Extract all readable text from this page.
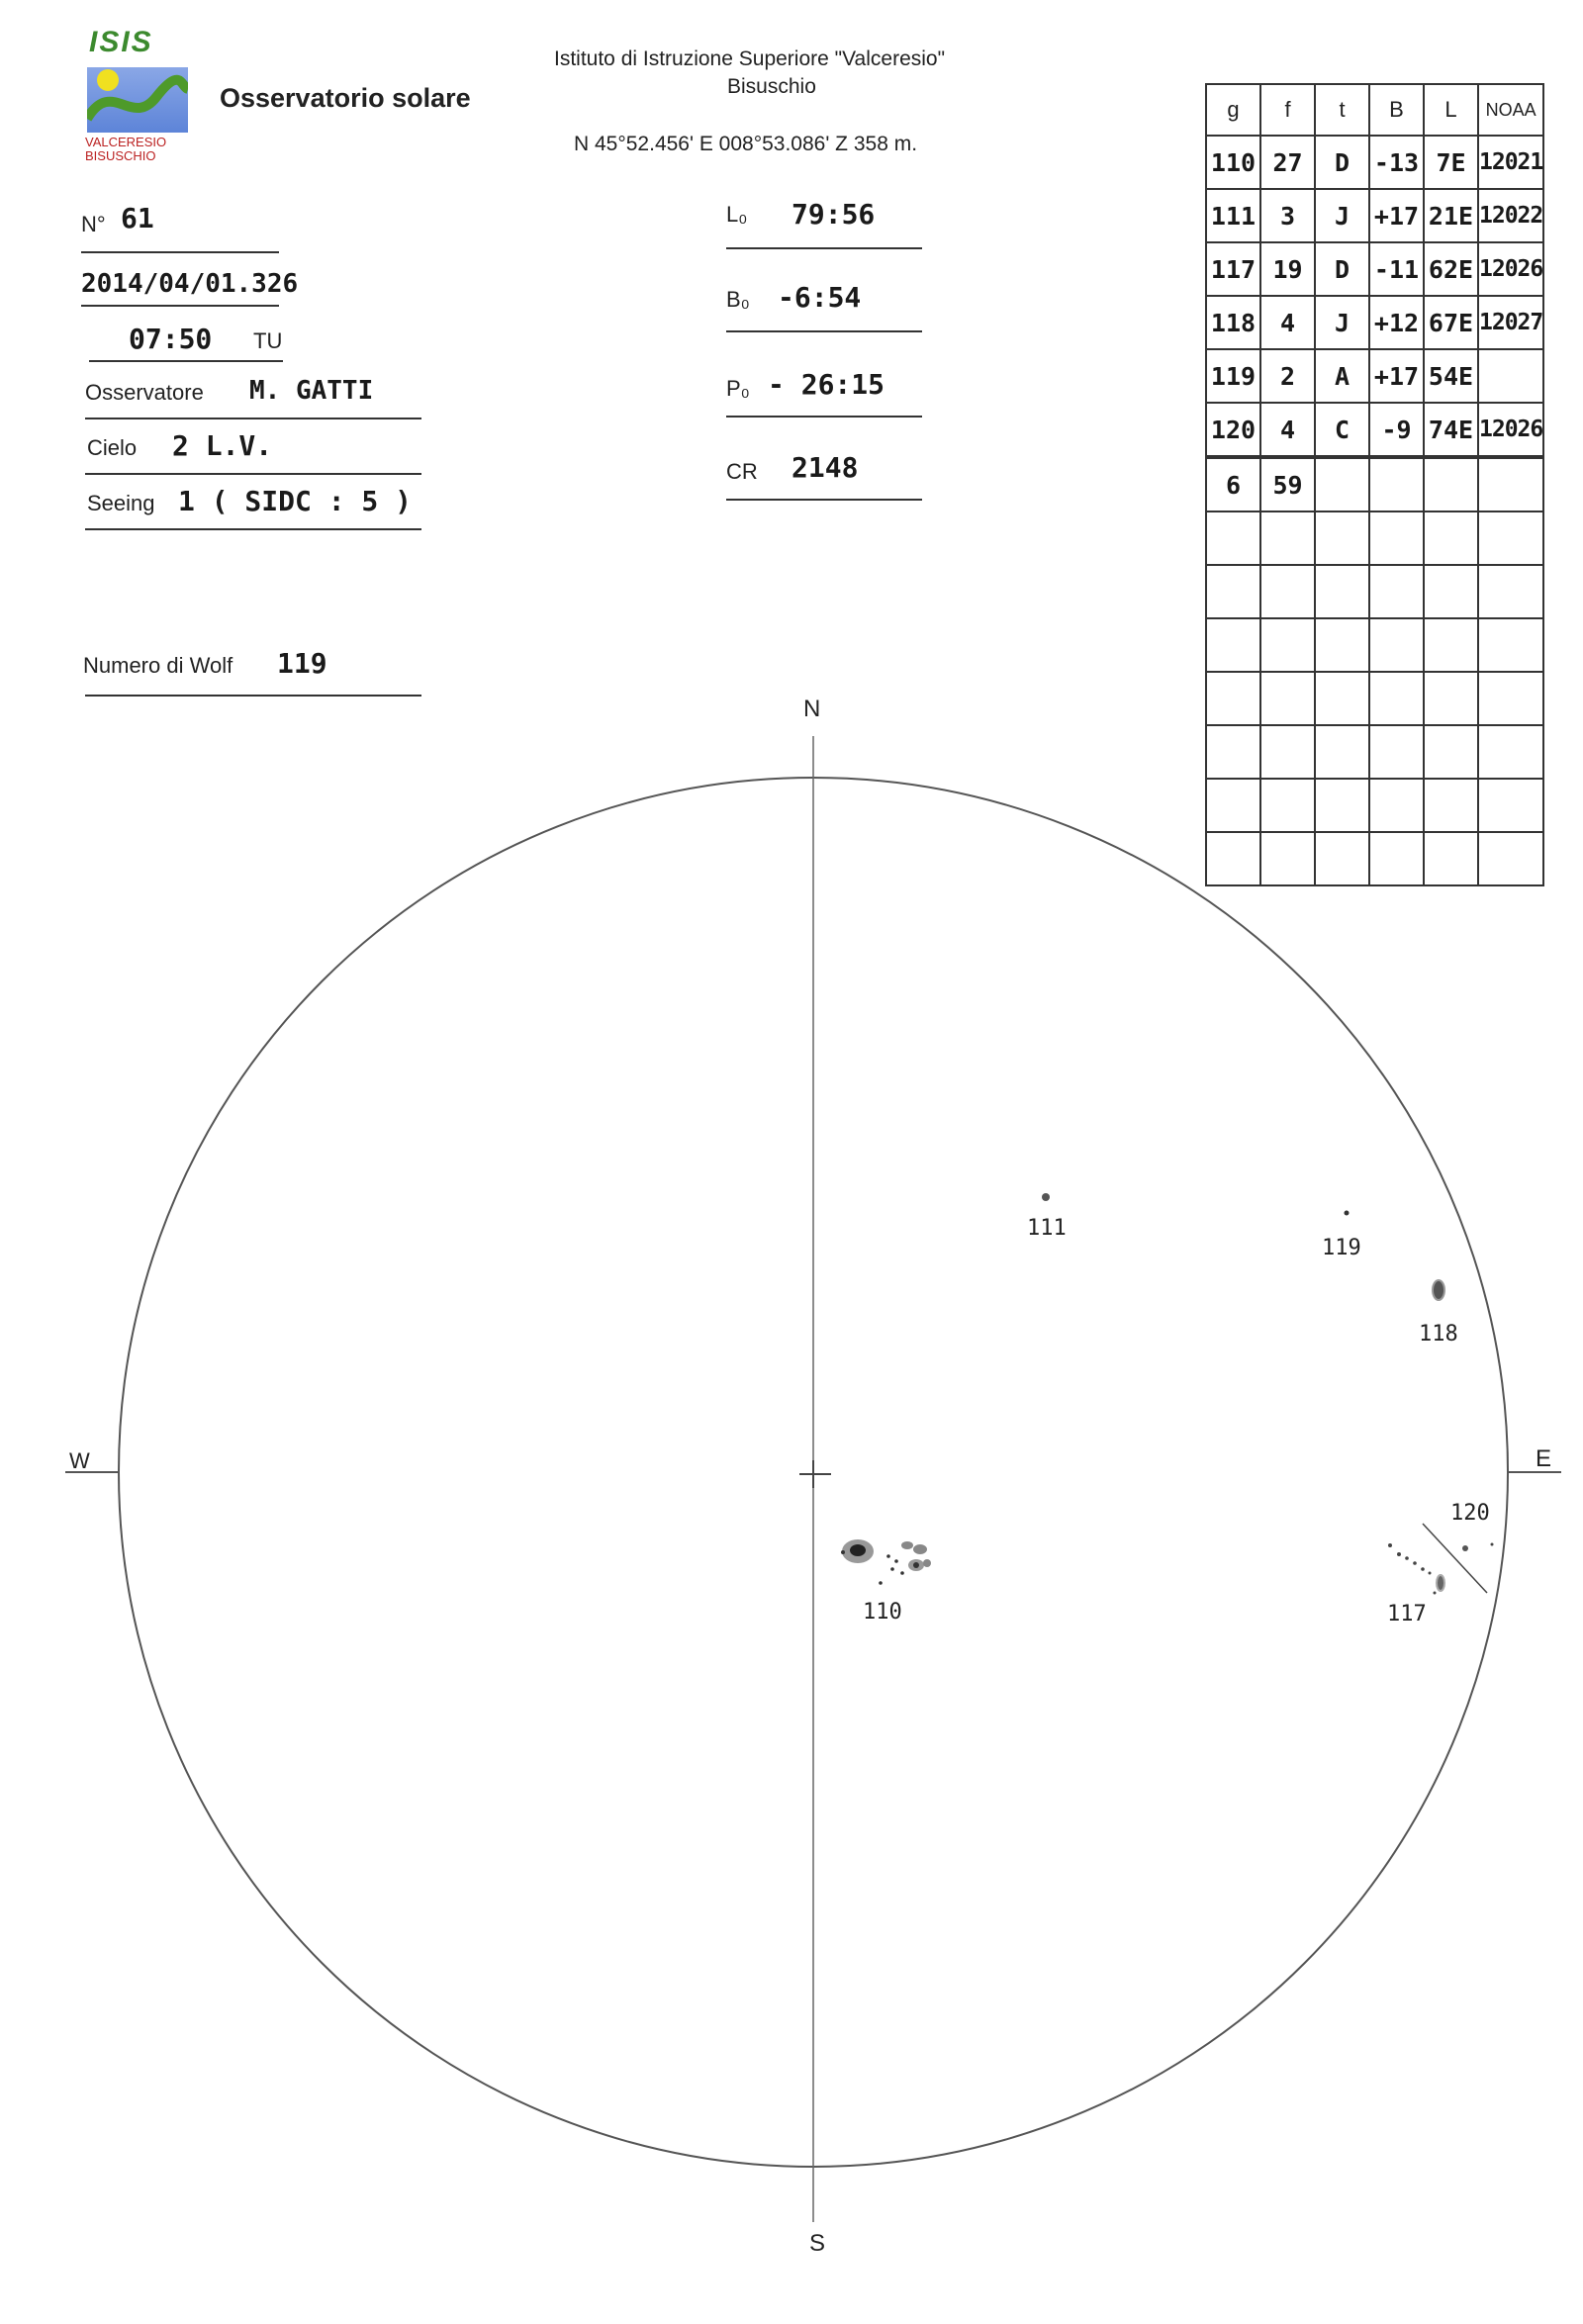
ISIS
VALCERESIO
BISUSCHIO
Osservatorio solare
Istituto di Istruzione Superiore "Valceresio"
Bisuschio
N 45°52.456' E 008°53.086' Z 358 m.
N° 61
2014/04/01.326
07:50 TU
Osservatore M. GATTI
Cielo 2 L.V.
Seeing 1 ( SIDC : 5 )
Numero di Wolf 119
L₀ 79:56
B₀ -6:54
P₀ - 26:15
CR 2148
g	f	t	B	L	NOAA
110	27	D	-13	7E	12021
111	3	J	+17	21E	12022
117	19	D	-11	62E	12026
118	4	J	+12	67E	12027
119	2	A	+17	54E	
120	4	C	-9	74E	12026
6	59				

N
S
E
W
111
119
118
120
117
110
